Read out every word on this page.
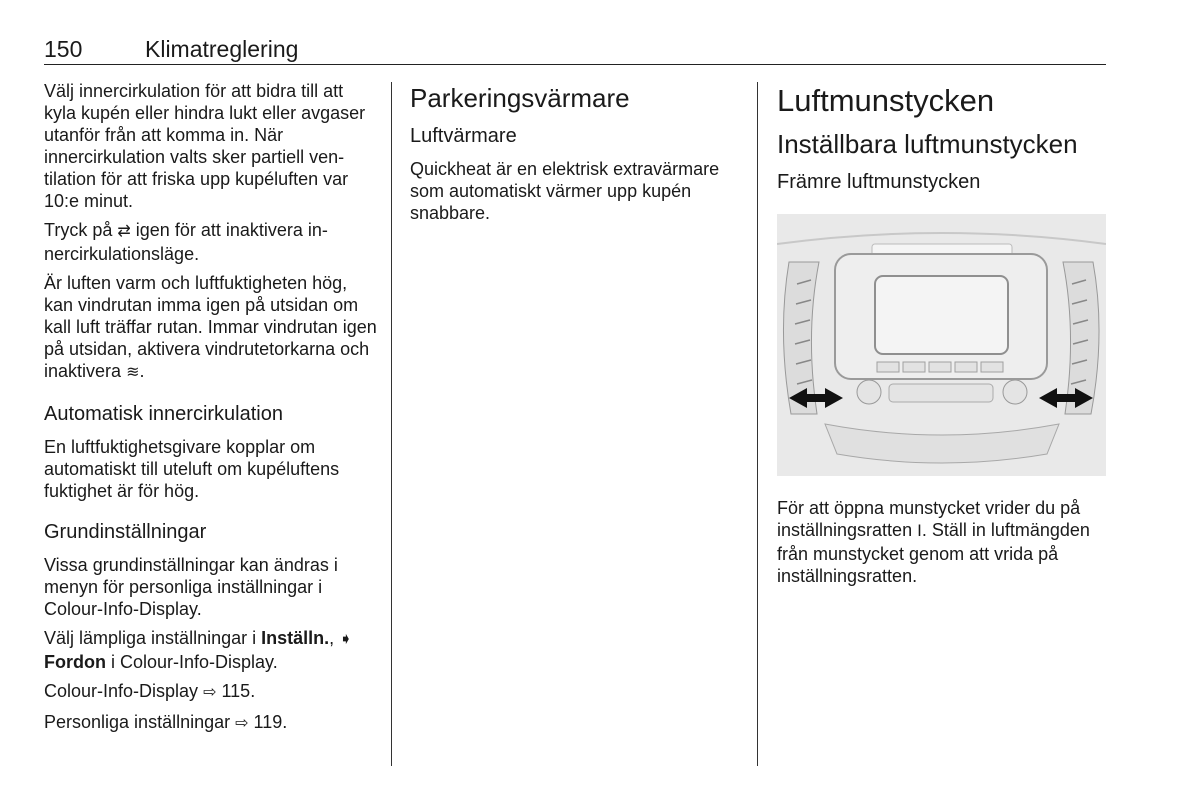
150	Klimatreglering

Välj innercirkulation för att bidra till att kyla kupén eller hindra lukt eller avgaser utanför från att komma in. När innercirkulation valts sker partiell ventilation för att friska upp kupéluften var 10:e minut.

Tryck på ⇄ igen för att inaktivera innercirkulationsläge.

Är luften varm och luftfuktigheten hög, kan vindrutan imma igen på utsidan om kall luft träffar rutan. Immar vindrutan igen på utsidan, aktivera vindrutetorkarna och inaktivera ≋.

Automatisk innercirkulation

En luftfuktighetsgivare kopplar om automatiskt till uteluft om kupéluftens fuktighet är för hög.

Grundinställningar

Vissa grundinställningar kan ändras i menyn för personliga inställningar i Colour-Info-Display.

Välj lämpliga inställningar i Inställn., ➧ Fordon i Colour-Info-Display.

Colour-Info-Display ⇨ 115.

Personliga inställningar ⇨ 119.

Parkeringsvärmare
Luftvärmare

Quickheat är en elektrisk extravärmare som automatiskt värmer upp kupén snabbare.

Luftmunstycken
Inställbara luftmunstycken
Främre luftmunstycken

För att öppna munstycket vrider du på inställningsratten Ⅰ. Ställ in luftmängden från munstycket genom att vrida på inställningsratten.
